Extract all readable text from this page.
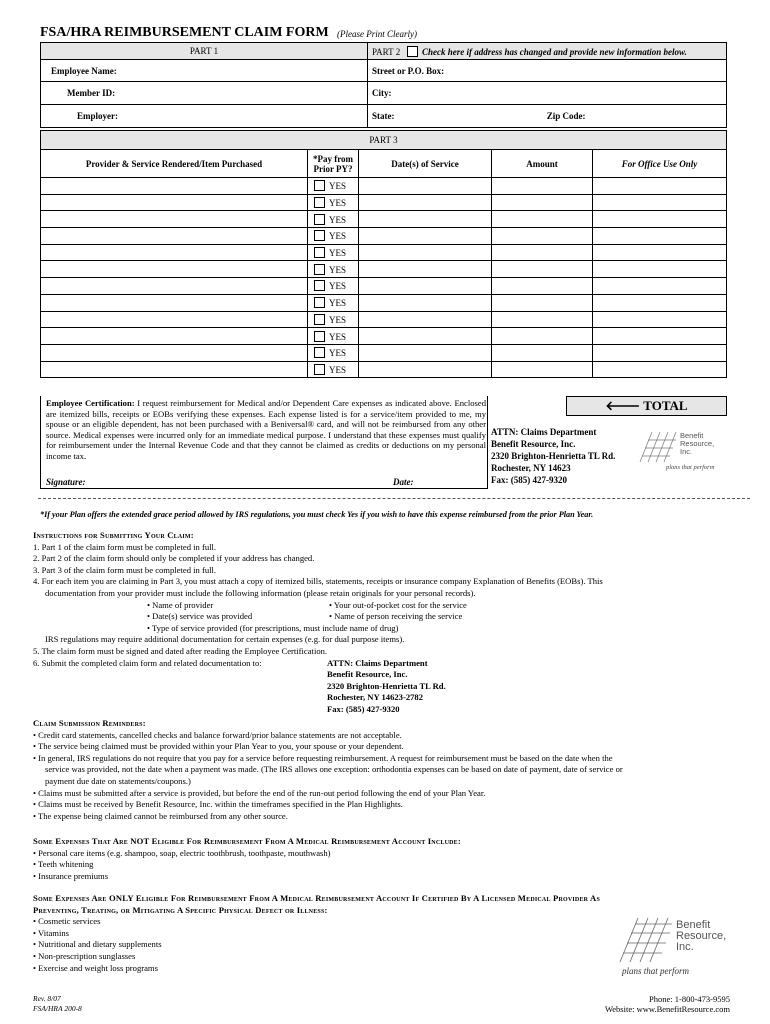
FSA/HRA REIMBURSEMENT CLAIM FORM (Please Print Clearly)
PART 1	PART 2 Check here if address has changed and provide new information below.
Employee Name:	Street or P.O. Box:
Member ID:	City:
Employer:	State: Zip Code:
PART 3				
Provider & Service Rendered/Item Purchased	*Pay from Prior PY?	Date(s) of Service	Amount	For Office Use Only
	YES			
	YES			
	YES			
	YES			
	YES			
	YES			
	YES			
	YES			
	YES			
	YES			
	YES			
	YES			
🡐 TOTAL
Employee Certification: I request reimbursement for Medical and/or Dependent Care expenses as indicated above. Enclosed are itemized bills, receipts or EOBs verifying these expenses. Each expense listed is for a service/item provided to me, my spouse or an eligible dependent, has not been purchased with a Beniversal® card, and will not be reimbursed from any other source. Medical expenses were incurred only for an immediate medical purpose. I understand that these expenses must qualify for reimbursement under the Internal Revenue Code and that they cannot be claimed as credits or deductions on my personal income tax.
Signature:	Date:
ATTN: Claims Department
Benefit Resource, Inc.
2320 Brighton-Henrietta TL Rd.
Rochester, NY 14623
Fax: (585) 427-9320
Benefit
Resource,
Inc.
plans that perform
*If your Plan offers the extended grace period allowed by IRS regulations, you must check Yes if you wish to have this expense reimbursed from the prior Plan Year.
Instructions for Submitting Your Claim:
1. Part 1 of the claim form must be completed in full.
2. Part 2 of the claim form should only be completed if your address has changed.
3. Part 3 of the claim form must be completed in full.
4. For each item you are claiming in Part 3, you must attach a copy of itemized bills, statements, receipts or insurance company Explanation of Benefits (EOBs). This
documentation from your provider must include the following information (please retain originals for your personal records).
• Name of provider	• Your out-of-pocket cost for the service
• Date(s) service was provided	• Name of person receiving the service
• Type of service provided (for prescriptions, must include name of drug)
IRS regulations may require additional documentation for certain expenses (e.g. for dual purpose items).
5. The claim form must be signed and dated after reading the Employee Certification.
6. Submit the completed claim form and related documentation to:	ATTN: Claims Department
Benefit Resource, Inc.
2320 Brighton-Henrietta TL Rd.
Rochester, NY 14623-2782
Fax: (585) 427-9320
Claim Submission Reminders:
• Credit card statements, cancelled checks and balance forward/prior balance statements are not acceptable.
• The service being claimed must be provided within your Plan Year to you, your spouse or your dependent.
• In general, IRS regulations do not require that you pay for a service before requesting reimbursement. A request for reimbursement must be based on the date when the
service was provided, not the date when a payment was made. (The IRS allows one exception: orthodontia expenses can be based on date of payment, date of service or
payment due date on statements/coupons.)
• Claims must be submitted after a service is provided, but before the end of the run-out period following the end of your Plan Year.
• Claims must be received by Benefit Resource, Inc. within the timeframes specified in the Plan Highlights.
• The expense being claimed cannot be reimbursed from any other source.
Some Expenses That Are NOT Eligible For Reimbursement From A Medical Reimbursement Account Include:
• Personal care items (e.g. shampoo, soap, electric toothbrush, toothpaste, mouthwash)
• Teeth whitening
• Insurance premiums
Some Expenses Are ONLY Eligible For Reimbursement From A Medical Reimbursement Account If Certified By A Licensed Medical Provider As
Preventing, Treating, or Mitigating A Specific Physical Defect or Illness:
• Cosmetic services
• Vitamins
• Nutritional and dietary supplements
• Non-prescription sunglasses
• Exercise and weight loss programs
Benefit
Resource,
Inc.
plans that perform
Rev. 8/07
FSA/HRA 200-8
Phone: 1-800-473-9595
Website: www.BenefitResource.com
